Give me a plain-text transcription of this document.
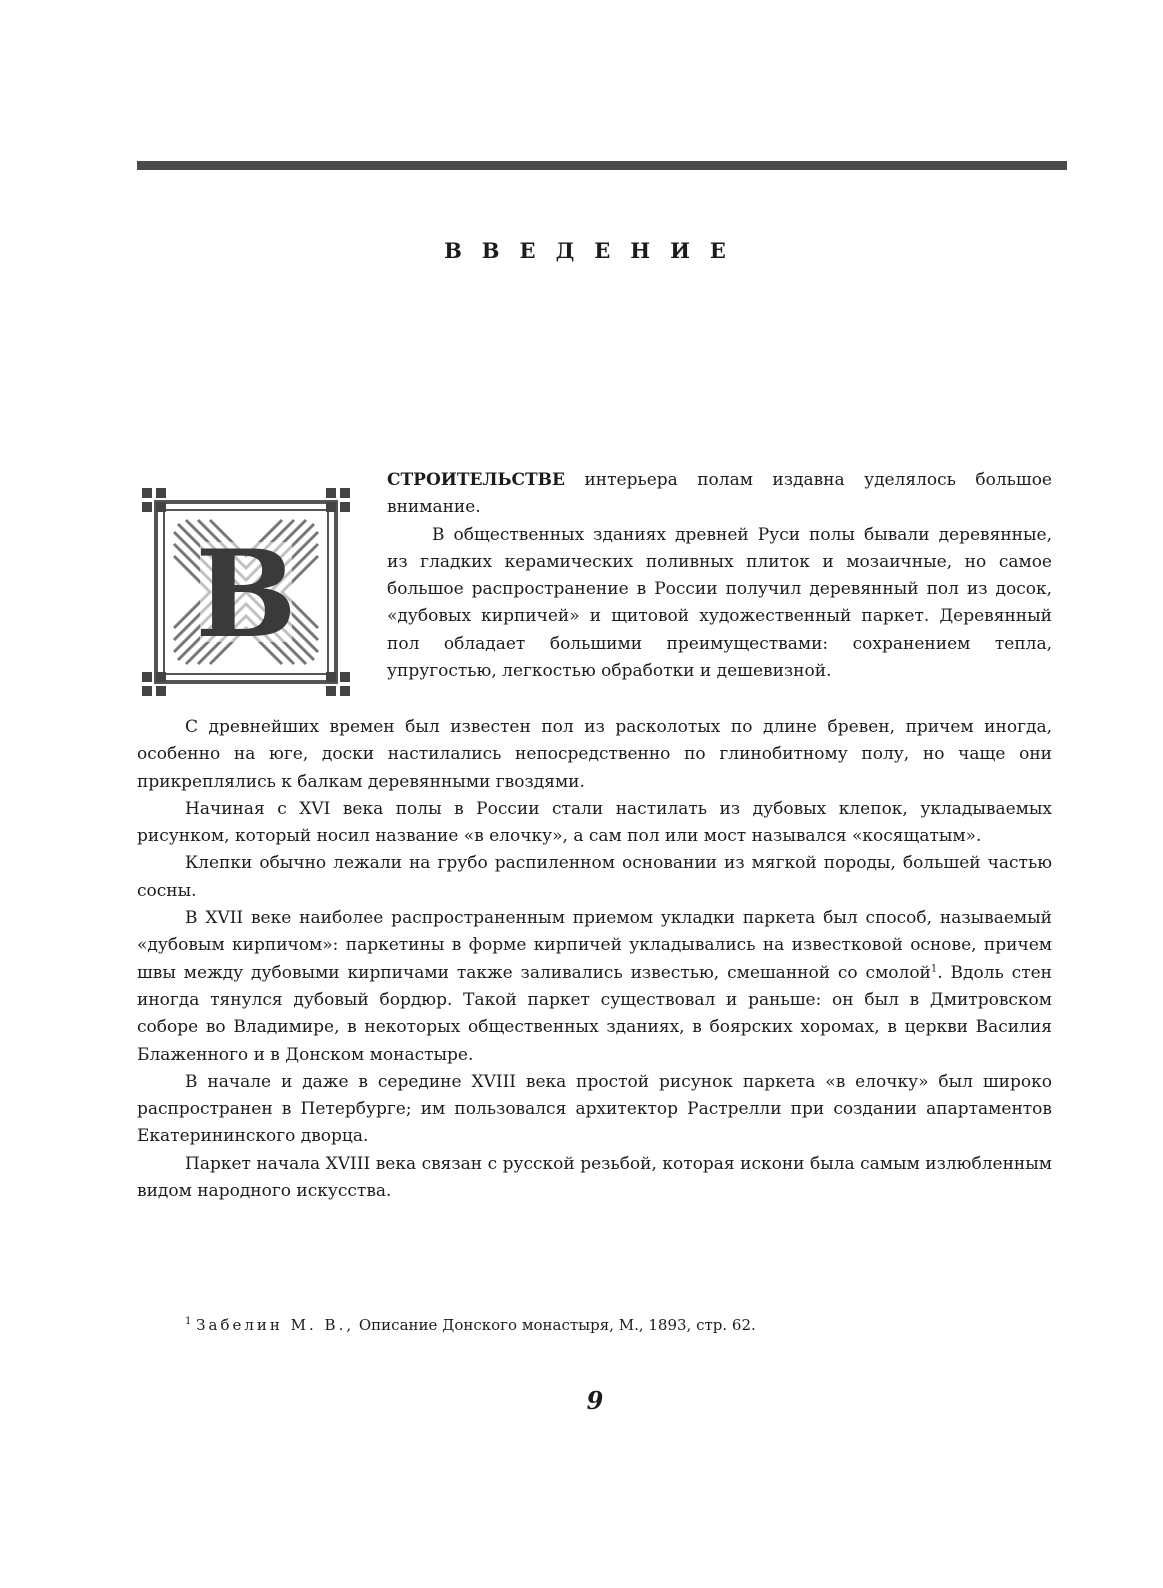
ВВЕДЕНИЕ
В

СТРОИТЕЛЬСТВЕ интерьера полам издавна уделялось большое внимание.

В общественных зданиях древней Руси полы бывали деревянные, из гладких керамических поливных плиток и мозаичные, но самое большое распространение в России получил деревянный пол из досок, «дубовых кирпичей» и щитовой художественный паркет. Деревянный пол обладает большими преимуществами: сохранением тепла, упругостью, легкостью обработки и дешевизной.

С древнейших времен был известен пол из расколотых по длине бревен, причем иногда, особенно на юге, доски настилались непосредственно по глинобитному полу, но чаще они прикреплялись к балкам деревянными гвоздями.

Начиная с XVI века полы в России стали настилать из дубовых клепок, укладываемых рисунком, который носил название «в елочку», а сам пол или мост назывался «косящатым».

Клепки обычно лежали на грубо распиленном основании из мягкой породы, большей частью сосны.

В XVII веке наиболее распространенным приемом укладки паркета был способ, называемый «дубовым кирпичом»: паркетины в форме кирпичей укладывались на известковой основе, причем швы между дубовыми кирпичами также заливались известью, смешанной со смолой$^1$. Вдоль стен иногда тянулся дубовый бордюр. Такой паркет существовал и раньше: он был в Дмитровском соборе во Владимире, в некоторых общественных зданиях, в боярских хоромах, в церкви Василия Блаженного и в Донском монастыре.

В начале и даже в середине XVIII века простой рисунок паркета «в елочку» был широко распространен в Петербурге; им пользовался архитектор Растрелли при создании апартаментов Екатерининского дворца.

Паркет начала XVIII века связан с русской резьбой, которая искони была самым излюбленным видом народного искусства.

$^1$ Забелин М. В., Описание Донского монастыря, М., 1893, стр. 62.
9
